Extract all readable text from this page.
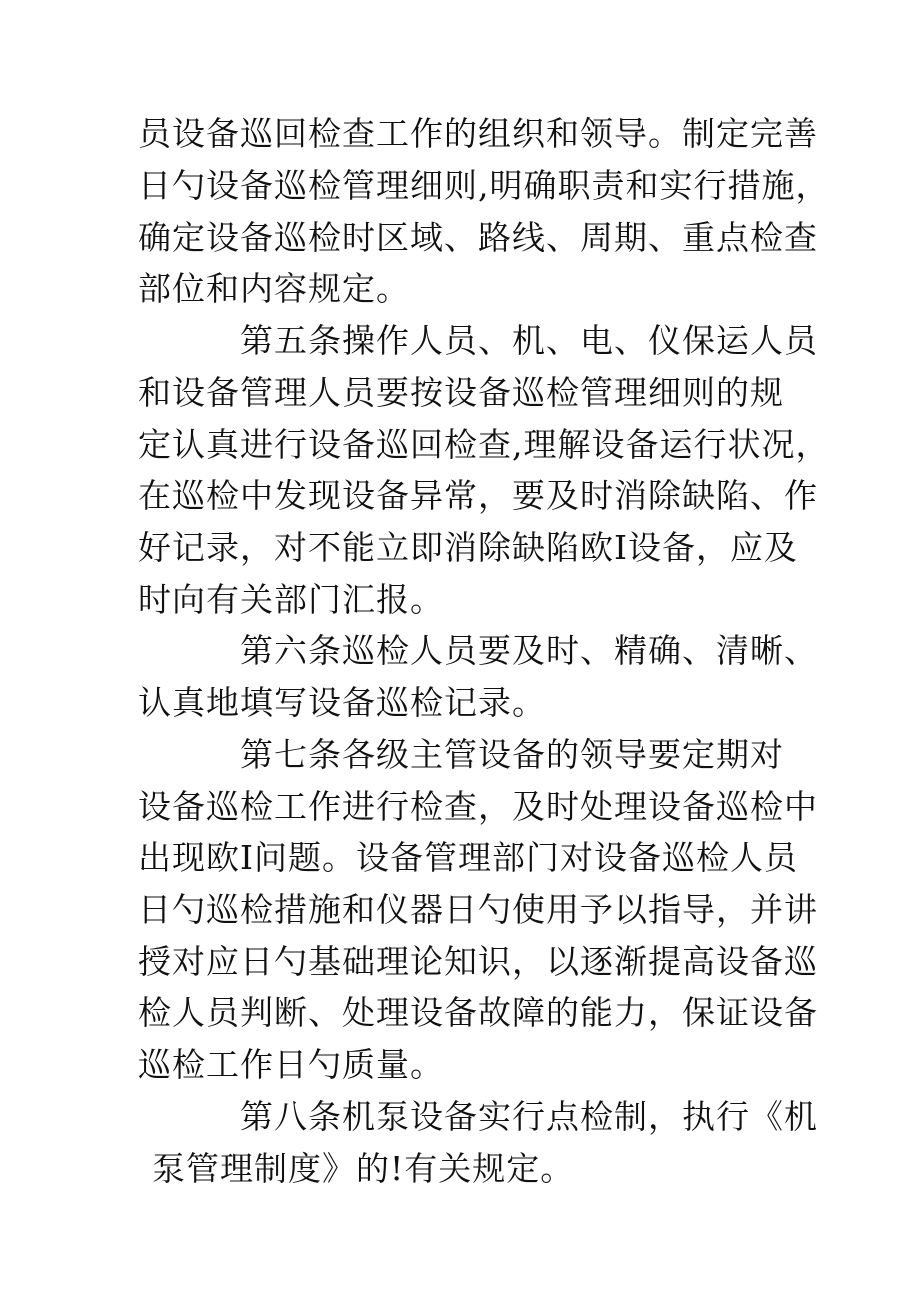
员设备巡回检查工作的组织和领导。制定完善

日勺设备巡检管理细则,明确职责和实行措施，

确定设备巡检时区域、路线、周期、重点检查

部位和内容规定。

第五条操作人员、机、电、仪保运人员

和设备管理人员要按设备巡检管理细则的规

定认真进行设备巡回检查,理解设备运行状况，

在巡检中发现设备异常，要及时消除缺陷、作

好记录，对不能立即消除缺陷欧I设备，应及

时向有关部门汇报。

第六条巡检人员要及时、精确、清晰、

认真地填写设备巡检记录。

第七条各级主管设备的领导要定期对

设备巡检工作进行检查，及时处理设备巡检中

出现欧I问题。设备管理部门对设备巡检人员

日勺巡检措施和仪器日勺使用予以指导，并讲

授对应日勺基础理论知识，以逐渐提高设备巡

检人员判断、处理设备故障的能力，保证设备

巡检工作日勺质量。

第八条机泵设备实行点检制，执行《机

泵管理制度》的!有关规定。
